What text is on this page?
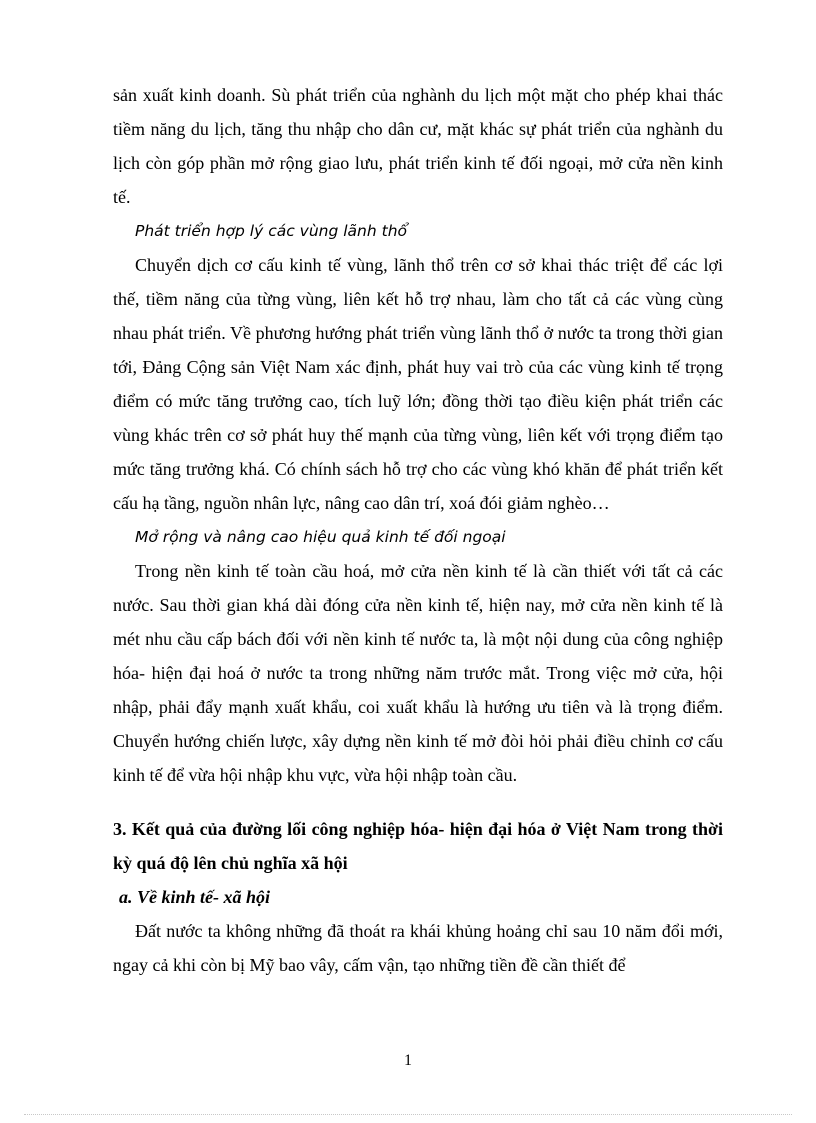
sản xuất kinh doanh. Sù phát triển của nghành du lịch một mặt cho phép khai thác tiềm năng du lịch, tăng thu nhập cho dân cư, mặt khác sự phát triển của nghành du lịch còn góp phần mở rộng giao lưu, phát triển kinh tế đối ngoại, mở cửa nền kinh tế.

Phát triển hợp lý các vùng lãnh thổ

Chuyển dịch cơ cấu kinh tế vùng, lãnh thổ trên cơ sở khai thác triệt để các lợi thế, tiềm năng của từng vùng, liên kết hỗ trợ nhau, làm cho tất cả các vùng cùng nhau phát triển. Về phương hướng phát triển vùng lãnh thổ ở nước ta trong thời gian tới, Đảng Cộng sản Việt Nam xác định, phát huy vai trò của các vùng kinh tế trọng điểm có mức tăng trưởng cao, tích luỹ lớn; đồng thời tạo điều kiện phát triển các vùng khác trên cơ sở phát huy thế mạnh của từng vùng, liên kết với trọng điểm tạo mức tăng trưởng khá. Có chính sách hỗ trợ cho các vùng khó khăn để phát triển kết cấu hạ tầng, nguồn nhân lực, nâng cao dân trí, xoá đói giảm nghèo…

Mở rộng và nâng cao hiệu quả kinh tế đối ngoại

Trong nền kinh tế toàn cầu hoá, mở cửa nền kinh tế là cần thiết với tất cả các nước. Sau thời gian khá dài đóng cửa nền kinh tế, hiện nay, mở cửa nền kinh tế là mét nhu cầu cấp bách đối với nền kinh tế nước ta, là một nội dung của công nghiệp hóa- hiện đại hoá ở nước ta trong những năm trước mắt. Trong việc mở cửa, hội nhập, phải đẩy mạnh xuất khẩu, coi xuất khẩu là hướng ưu tiên và là trọng điểm. Chuyển hướng chiến lược, xây dựng nền kinh tế mở đòi hỏi phải điều chỉnh cơ cấu kinh tế để vừa hội nhập khu vực, vừa hội nhập toàn cầu.

3. Kết quả của đường lối công nghiệp hóa- hiện đại hóa ở Việt Nam trong thời kỳ quá độ lên chủ nghĩa xã hội

a. Về kinh tế- xã hội

Đất nước ta không những đã thoát ra khái khủng hoảng chỉ sau 10 năm đổi mới, ngay cả khi còn bị Mỹ bao vây, cấm vận, tạo những tiền đề cần thiết để

1
